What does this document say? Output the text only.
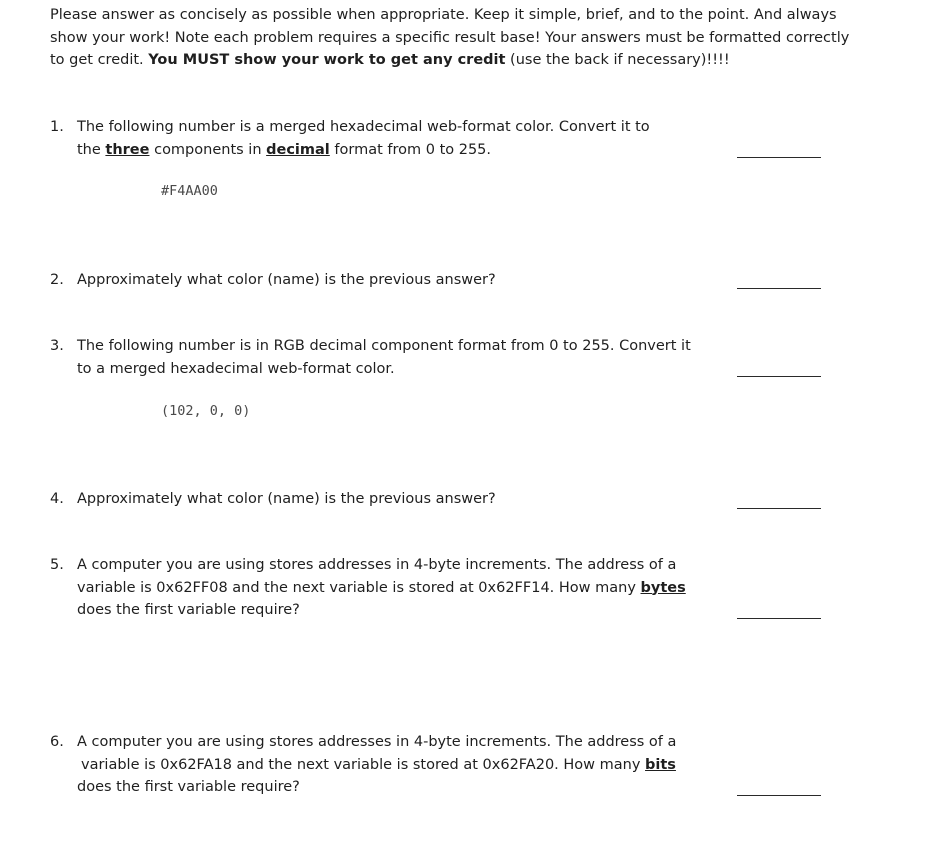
Please answer as concisely as possible when appropriate. Keep it simple, brief, and to the point. And always
show your work! Note each problem requires a specific result base! Your answers must be formatted correctly
to get credit. You MUST show your work to get any credit (use the back if necessary)!!!!
1. The following number is a merged hexadecimal web-format color. Convert it to
the three components in decimal format from 0 to 255.
#F4AA00
2. Approximately what color (name) is the previous answer?
3. The following number is in RGB decimal component format from 0 to 255. Convert it
to a merged hexadecimal web-format color.
(102, 0, 0)
4. Approximately what color (name) is the previous answer?
5. A computer you are using stores addresses in 4-byte increments. The address of a
variable is 0x62FF08 and the next variable is stored at 0x62FF14. How many bytes
does the first variable require?
6. A computer you are using stores addresses in 4-byte increments. The address of a
variable is 0x62FA18 and the next variable is stored at 0x62FA20. How many bits
does the first variable require?
